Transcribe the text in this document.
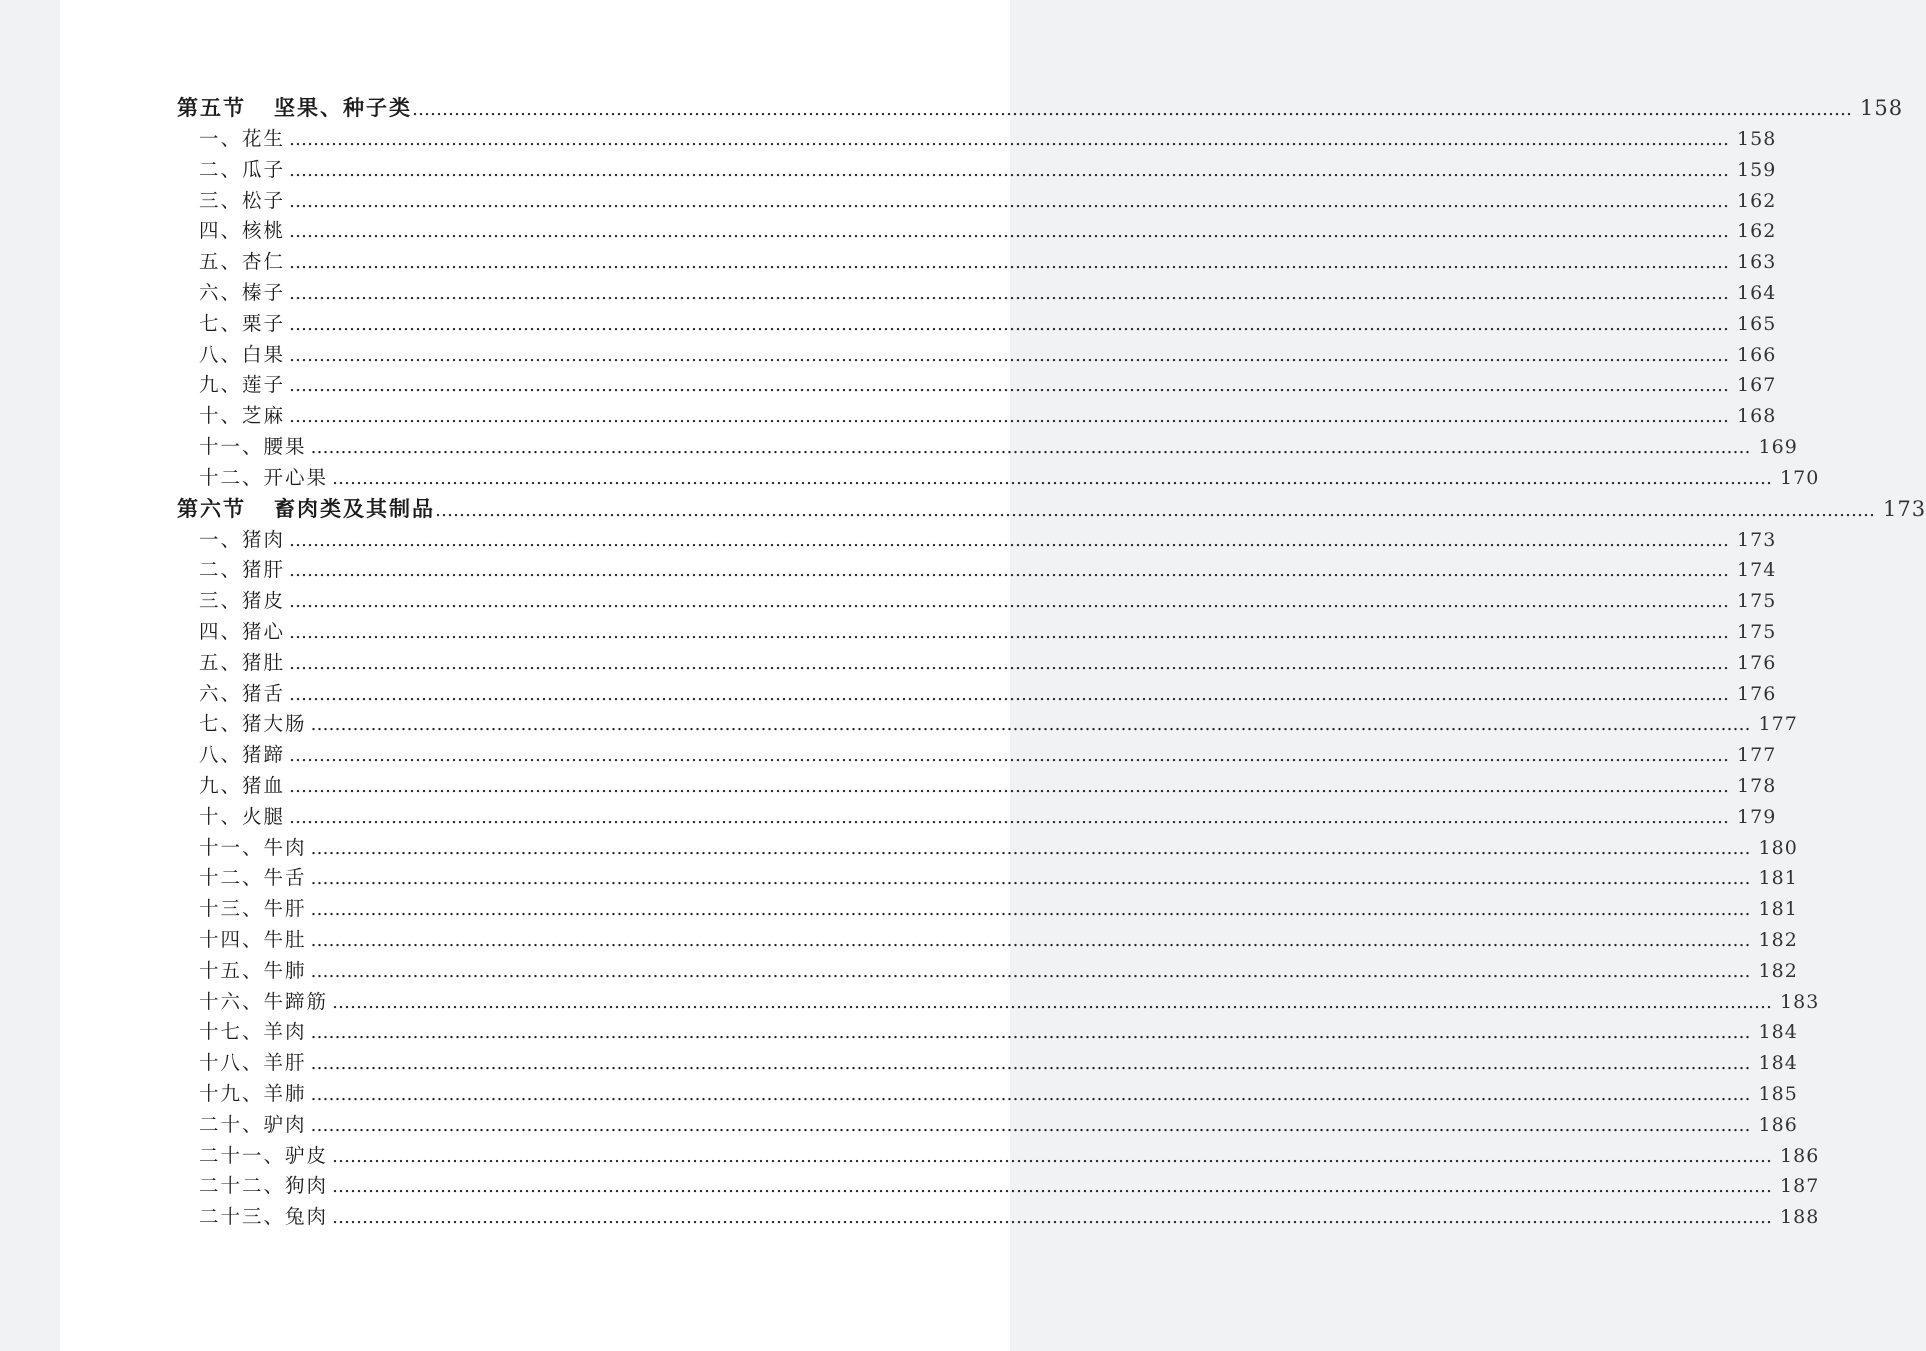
第五节 坚果、种子类 …………………………………………………………………………………………………………………………………………………………………………………………………………………… 158
一、花生 …………………………………………………………………………………………………………………………………………………………………………………………………………………… 158
二、瓜子 …………………………………………………………………………………………………………………………………………………………………………………………………………………… 159
三、松子 …………………………………………………………………………………………………………………………………………………………………………………………………………………… 162
四、核桃 …………………………………………………………………………………………………………………………………………………………………………………………………………………… 162
五、杏仁 …………………………………………………………………………………………………………………………………………………………………………………………………………………… 163
六、榛子 …………………………………………………………………………………………………………………………………………………………………………………………………………………… 164
七、栗子 …………………………………………………………………………………………………………………………………………………………………………………………………………………… 165
八、白果 …………………………………………………………………………………………………………………………………………………………………………………………………………………… 166
九、莲子 …………………………………………………………………………………………………………………………………………………………………………………………………………………… 167
十、芝麻 …………………………………………………………………………………………………………………………………………………………………………………………………………………… 168
十一、腰果 …………………………………………………………………………………………………………………………………………………………………………………………………………………… 169
十二、开心果 …………………………………………………………………………………………………………………………………………………………………………………………………………………… 170
第六节 畜肉类及其制品 …………………………………………………………………………………………………………………………………………………………………………………………………………………… 173
一、猪肉 …………………………………………………………………………………………………………………………………………………………………………………………………………………… 173
二、猪肝 …………………………………………………………………………………………………………………………………………………………………………………………………………………… 174
三、猪皮 …………………………………………………………………………………………………………………………………………………………………………………………………………………… 175
四、猪心 …………………………………………………………………………………………………………………………………………………………………………………………………………………… 175
五、猪肚 …………………………………………………………………………………………………………………………………………………………………………………………………………………… 176
六、猪舌 …………………………………………………………………………………………………………………………………………………………………………………………………………………… 176
七、猪大肠 …………………………………………………………………………………………………………………………………………………………………………………………………………………… 177
八、猪蹄 …………………………………………………………………………………………………………………………………………………………………………………………………………………… 177
九、猪血 …………………………………………………………………………………………………………………………………………………………………………………………………………………… 178
十、火腿 …………………………………………………………………………………………………………………………………………………………………………………………………………………… 179
十一、牛肉 …………………………………………………………………………………………………………………………………………………………………………………………………………………… 180
十二、牛舌 …………………………………………………………………………………………………………………………………………………………………………………………………………………… 181
十三、牛肝 …………………………………………………………………………………………………………………………………………………………………………………………………………………… 181
十四、牛肚 …………………………………………………………………………………………………………………………………………………………………………………………………………………… 182
十五、牛肺 …………………………………………………………………………………………………………………………………………………………………………………………………………………… 182
十六、牛蹄筋 …………………………………………………………………………………………………………………………………………………………………………………………………………………… 183
十七、羊肉 …………………………………………………………………………………………………………………………………………………………………………………………………………………… 184
十八、羊肝 …………………………………………………………………………………………………………………………………………………………………………………………………………………… 184
十九、羊肺 …………………………………………………………………………………………………………………………………………………………………………………………………………………… 185
二十、驴肉 …………………………………………………………………………………………………………………………………………………………………………………………………………………… 186
二十一、驴皮 …………………………………………………………………………………………………………………………………………………………………………………………………………………… 186
二十二、狗肉 …………………………………………………………………………………………………………………………………………………………………………………………………………………… 187
二十三、兔肉 …………………………………………………………………………………………………………………………………………………………………………………………………………………… 188
